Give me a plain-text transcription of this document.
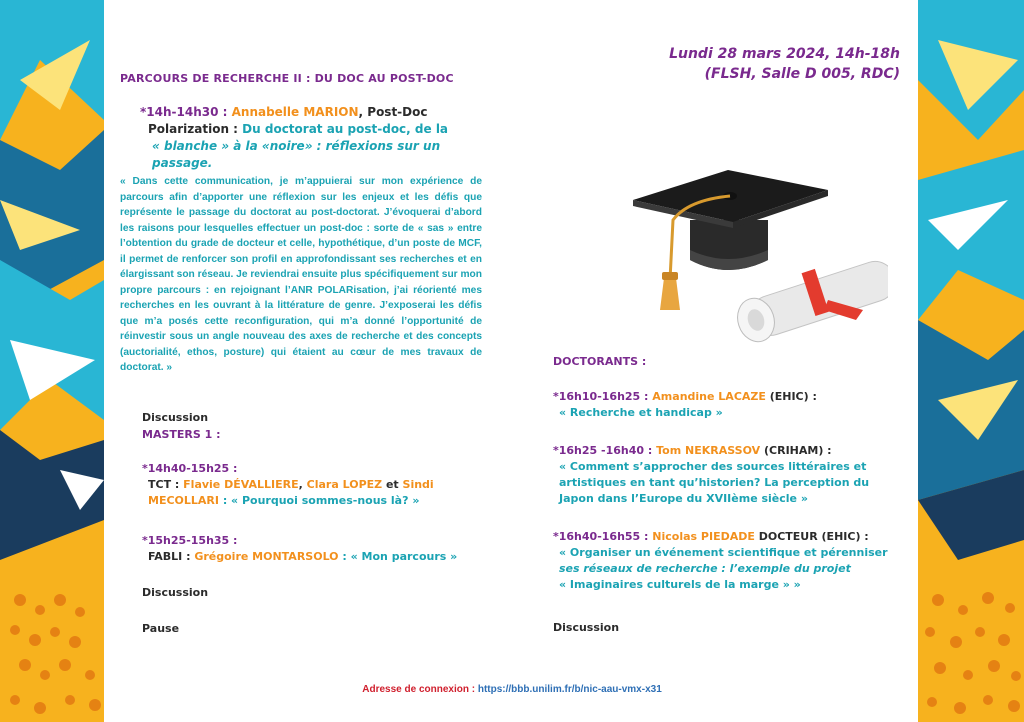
Lundi 28 mars 2024, 14h-18h
(FLSH, Salle D 005, RDC)
PARCOURS DE RECHERCHE II : DU DOC AU POST-DOC
*14h-14h30 : Annabelle MARION, Post-Doc
Polarization : Du doctorat au post-doc, de la
« blanche » à la «noire» : réflexions sur un passage.
« Dans cette communication, je m’appuierai sur mon expérience de parcours afin d’apporter une réflexion sur les enjeux et les défis que représente le passage du doctorat au post-doctorat. J’évoquerai d’abord les raisons pour lesquelles effectuer un post-doc : sorte de « sas » entre l’obtention du grade de docteur et celle, hypothétique, d’un poste de MCF, il permet de renforcer son profil en approfondissant ses recherches et en élargissant son réseau. Je reviendrai ensuite plus spécifiquement sur mon propre parcours : en rejoignant l’ANR POLARisation, j’ai réorienté mes recherches en les ouvrant à la littérature de genre. J’exposerai les défis que m’a posés cette reconfiguration, qui m’a donné l’opportunité de réinvestir sous un angle nouveau des axes de recherche et des concepts (auctorialité, ethos, posture) qui étaient au cœur de mes travaux de doctorat. »
Discussion
MASTERS 1 :
*14h40-15h25 :
TCT : Flavie DÉVALLIERE, Clara LOPEZ et Sindi
MECOLLARI : « Pourquoi sommes-nous là? »
*15h25-15h35 :
FABLI : Grégoire MONTARSOLO : « Mon parcours »
Discussion
Pause
DOCTORANTS :
*16h10-16h25 : Amandine LACAZE (EHIC) :
« Recherche et handicap »
*16h25 -16h40 : Tom NEKRASSOV (CRIHAM) :
« Comment s’approcher des sources littéraires et
artistiques en tant qu’historien? La perception du
Japon dans l’Europe du XVIIème siècle »
*16h40-16h55 : Nicolas PIEDADE DOCTEUR (EHIC) :
« Organiser un événement scientifique et pérenniser
ses réseaux de recherche : l’exemple du projet
« Imaginaires culturels de la marge » »
Discussion
Adresse de connexion : https://bbb.unilim.fr/b/nic-aau-vmx-x31
